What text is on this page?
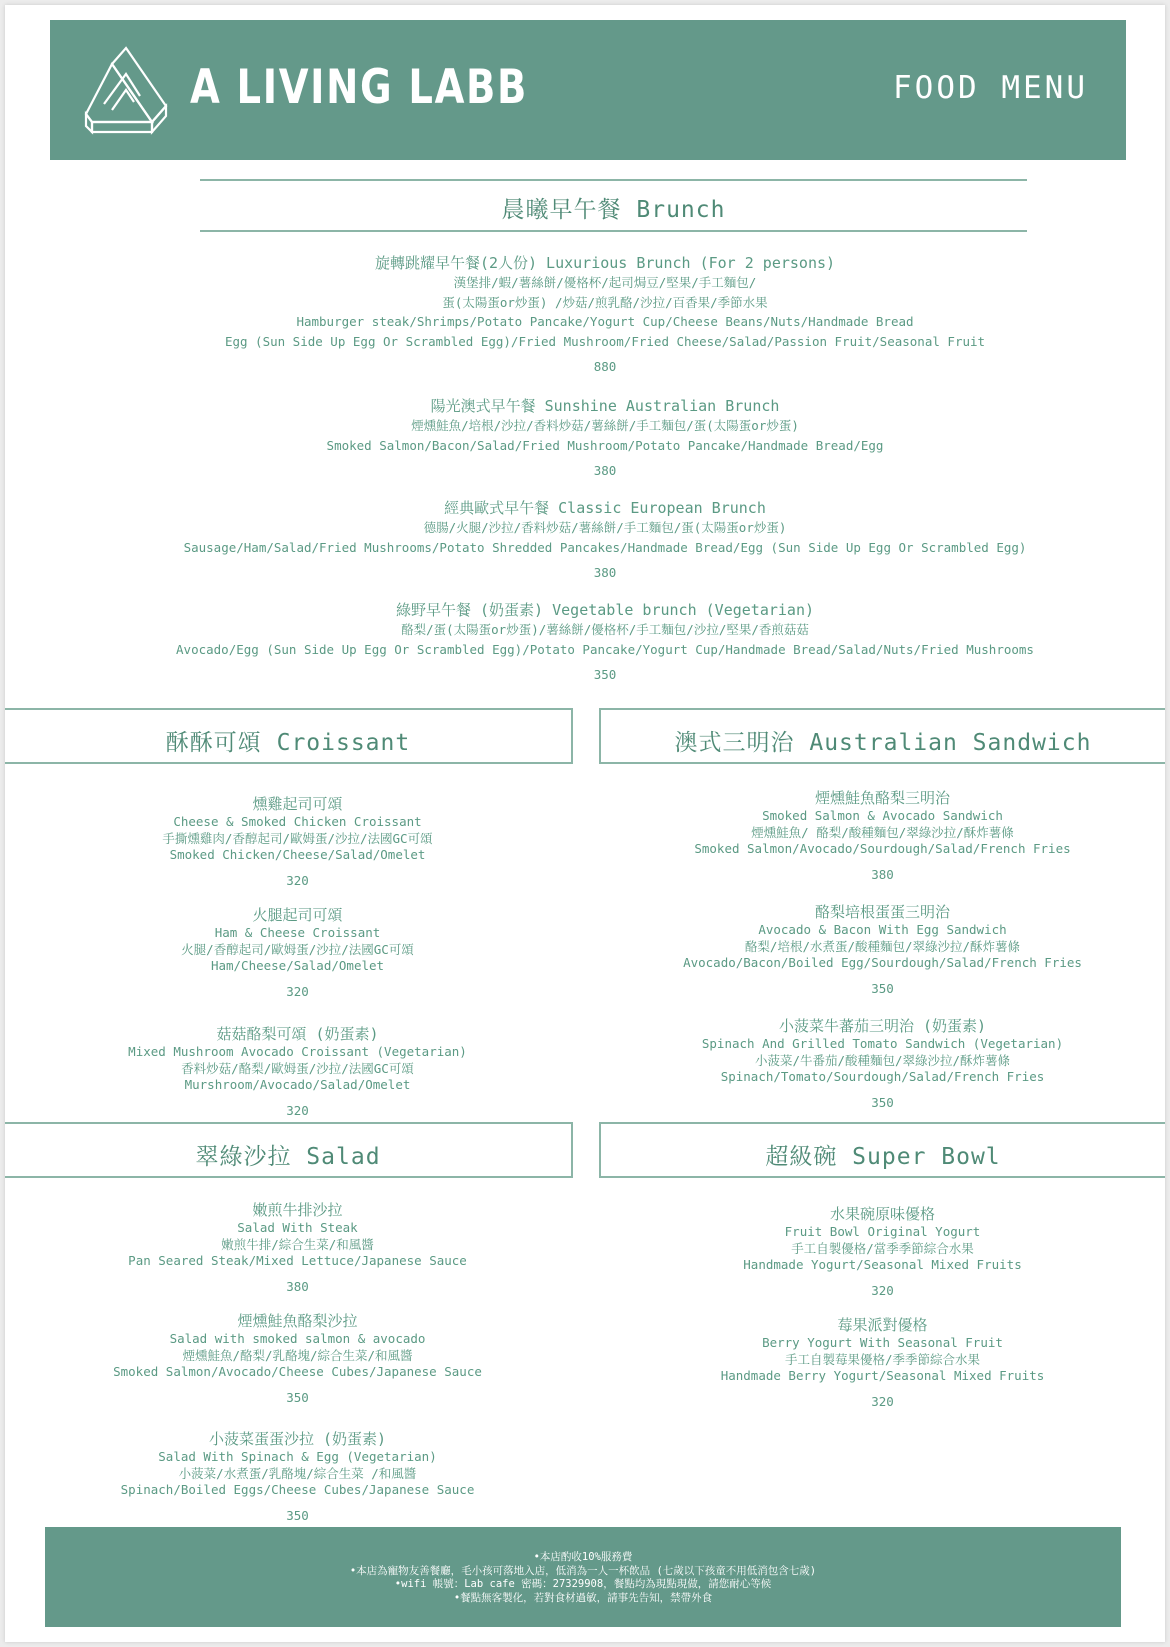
A LIVING LABB	FOOD MENU
晨曦早午餐 Brunch
旋轉跳耀早午餐(2人份) Luxurious Brunch (For 2 persons)
漢堡排/蝦/薯絲餅/優格杯/起司焗豆/堅果/手工麵包/
蛋(太陽蛋or炒蛋) /炒菇/煎乳酪/沙拉/百香果/季節水果
Hamburger steak/Shrimps/Potato Pancake/Yogurt Cup/Cheese Beans/Nuts/Handmade Bread
Egg (Sun Side Up Egg Or Scrambled Egg)/Fried Mushroom/Fried Cheese/Salad/Passion Fruit/Seasonal Fruit
880
陽光澳式早午餐 Sunshine Australian Brunch
煙燻鮭魚/培根/沙拉/香料炒菇/薯絲餅/手工麵包/蛋(太陽蛋or炒蛋)
Smoked Salmon/Bacon/Salad/Fried Mushroom/Potato Pancake/Handmade Bread/Egg
380
經典歐式早午餐 Classic European Brunch
德腸/火腿/沙拉/香料炒菇/薯絲餅/手工麵包/蛋(太陽蛋or炒蛋)
Sausage/Ham/Salad/Fried Mushrooms/Potato Shredded Pancakes/Handmade Bread/Egg (Sun Side Up Egg Or Scrambled Egg)
380
綠野早午餐 (奶蛋素) Vegetable brunch (Vegetarian)
酪梨/蛋(太陽蛋or炒蛋)/薯絲餅/優格杯/手工麵包/沙拉/堅果/香煎菇菇
Avocado/Egg (Sun Side Up Egg Or Scrambled Egg)/Potato Pancake/Yogurt Cup/Handmade Bread/Salad/Nuts/Fried Mushrooms
350
酥酥可頌 Croissant	澳式三明治 Australian Sandwich
燻雞起司可頌
Cheese & Smoked Chicken Croissant
手撕燻雞肉/香醇起司/歐姆蛋/沙拉/法國GC可頌
Smoked Chicken/Cheese/Salad/Omelet
320
火腿起司可頌
Ham & Cheese Croissant
火腿/香醇起司/歐姆蛋/沙拉/法國GC可頌
Ham/Cheese/Salad/Omelet
320
菇菇酪梨可頌 (奶蛋素)
Mixed Mushroom Avocado Croissant (Vegetarian)
香料炒菇/酪梨/歐姆蛋/沙拉/法國GC可頌
Murshroom/Avocado/Salad/Omelet
320
煙燻鮭魚酪梨三明治
Smoked Salmon & Avocado Sandwich
煙燻鮭魚/ 酪梨/酸種麵包/翠綠沙拉/酥炸薯條
Smoked Salmon/Avocado/Sourdough/Salad/French Fries
380
酪梨培根蛋蛋三明治
Avocado & Bacon With Egg Sandwich
酪梨/培根/水煮蛋/酸種麵包/翠綠沙拉/酥炸薯條
Avocado/Bacon/Boiled Egg/Sourdough/Salad/French Fries
350
小菠菜牛蕃茄三明治 (奶蛋素)
Spinach And Grilled Tomato Sandwich (Vegetarian)
小菠菜/牛番茄/酸種麵包/翠綠沙拉/酥炸薯條
Spinach/Tomato/Sourdough/Salad/French Fries
350
翠綠沙拉 Salad	超級碗 Super Bowl
嫩煎牛排沙拉
Salad With Steak
嫩煎牛排/綜合生菜/和風醬
Pan Seared Steak/Mixed Lettuce/Japanese Sauce
380
煙燻鮭魚酪梨沙拉
Salad with smoked salmon & avocado
煙燻鮭魚/酪梨/乳酪塊/綜合生菜/和風醬
Smoked Salmon/Avocado/Cheese Cubes/Japanese Sauce
350
小菠菜蛋蛋沙拉 (奶蛋素)
Salad With Spinach & Egg (Vegetarian)
小菠菜/水煮蛋/乳酪塊/綜合生菜 /和風醬
Spinach/Boiled Eggs/Cheese Cubes/Japanese Sauce
350
水果碗原味優格
Fruit Bowl Original Yogurt
手工自製優格/當季季節綜合水果
Handmade Yogurt/Seasonal Mixed Fruits
320
莓果派對優格
Berry Yogurt With Seasonal Fruit
手工自製莓果優格/季季節綜合水果
Handmade Berry Yogurt/Seasonal Mixed Fruits
320
•本店酌收10%服務費
•本店為寵物友善餐廳，毛小孩可落地入店，低消為一人一杯飲品 (七歲以下孩童不用低消包含七歲)
•wifi 帳號：Lab cafe 密碼：27329908，餐點均為現點現做，請您耐心等候
•餐點無客製化，若對食材過敏，請事先告知，禁帶外食
